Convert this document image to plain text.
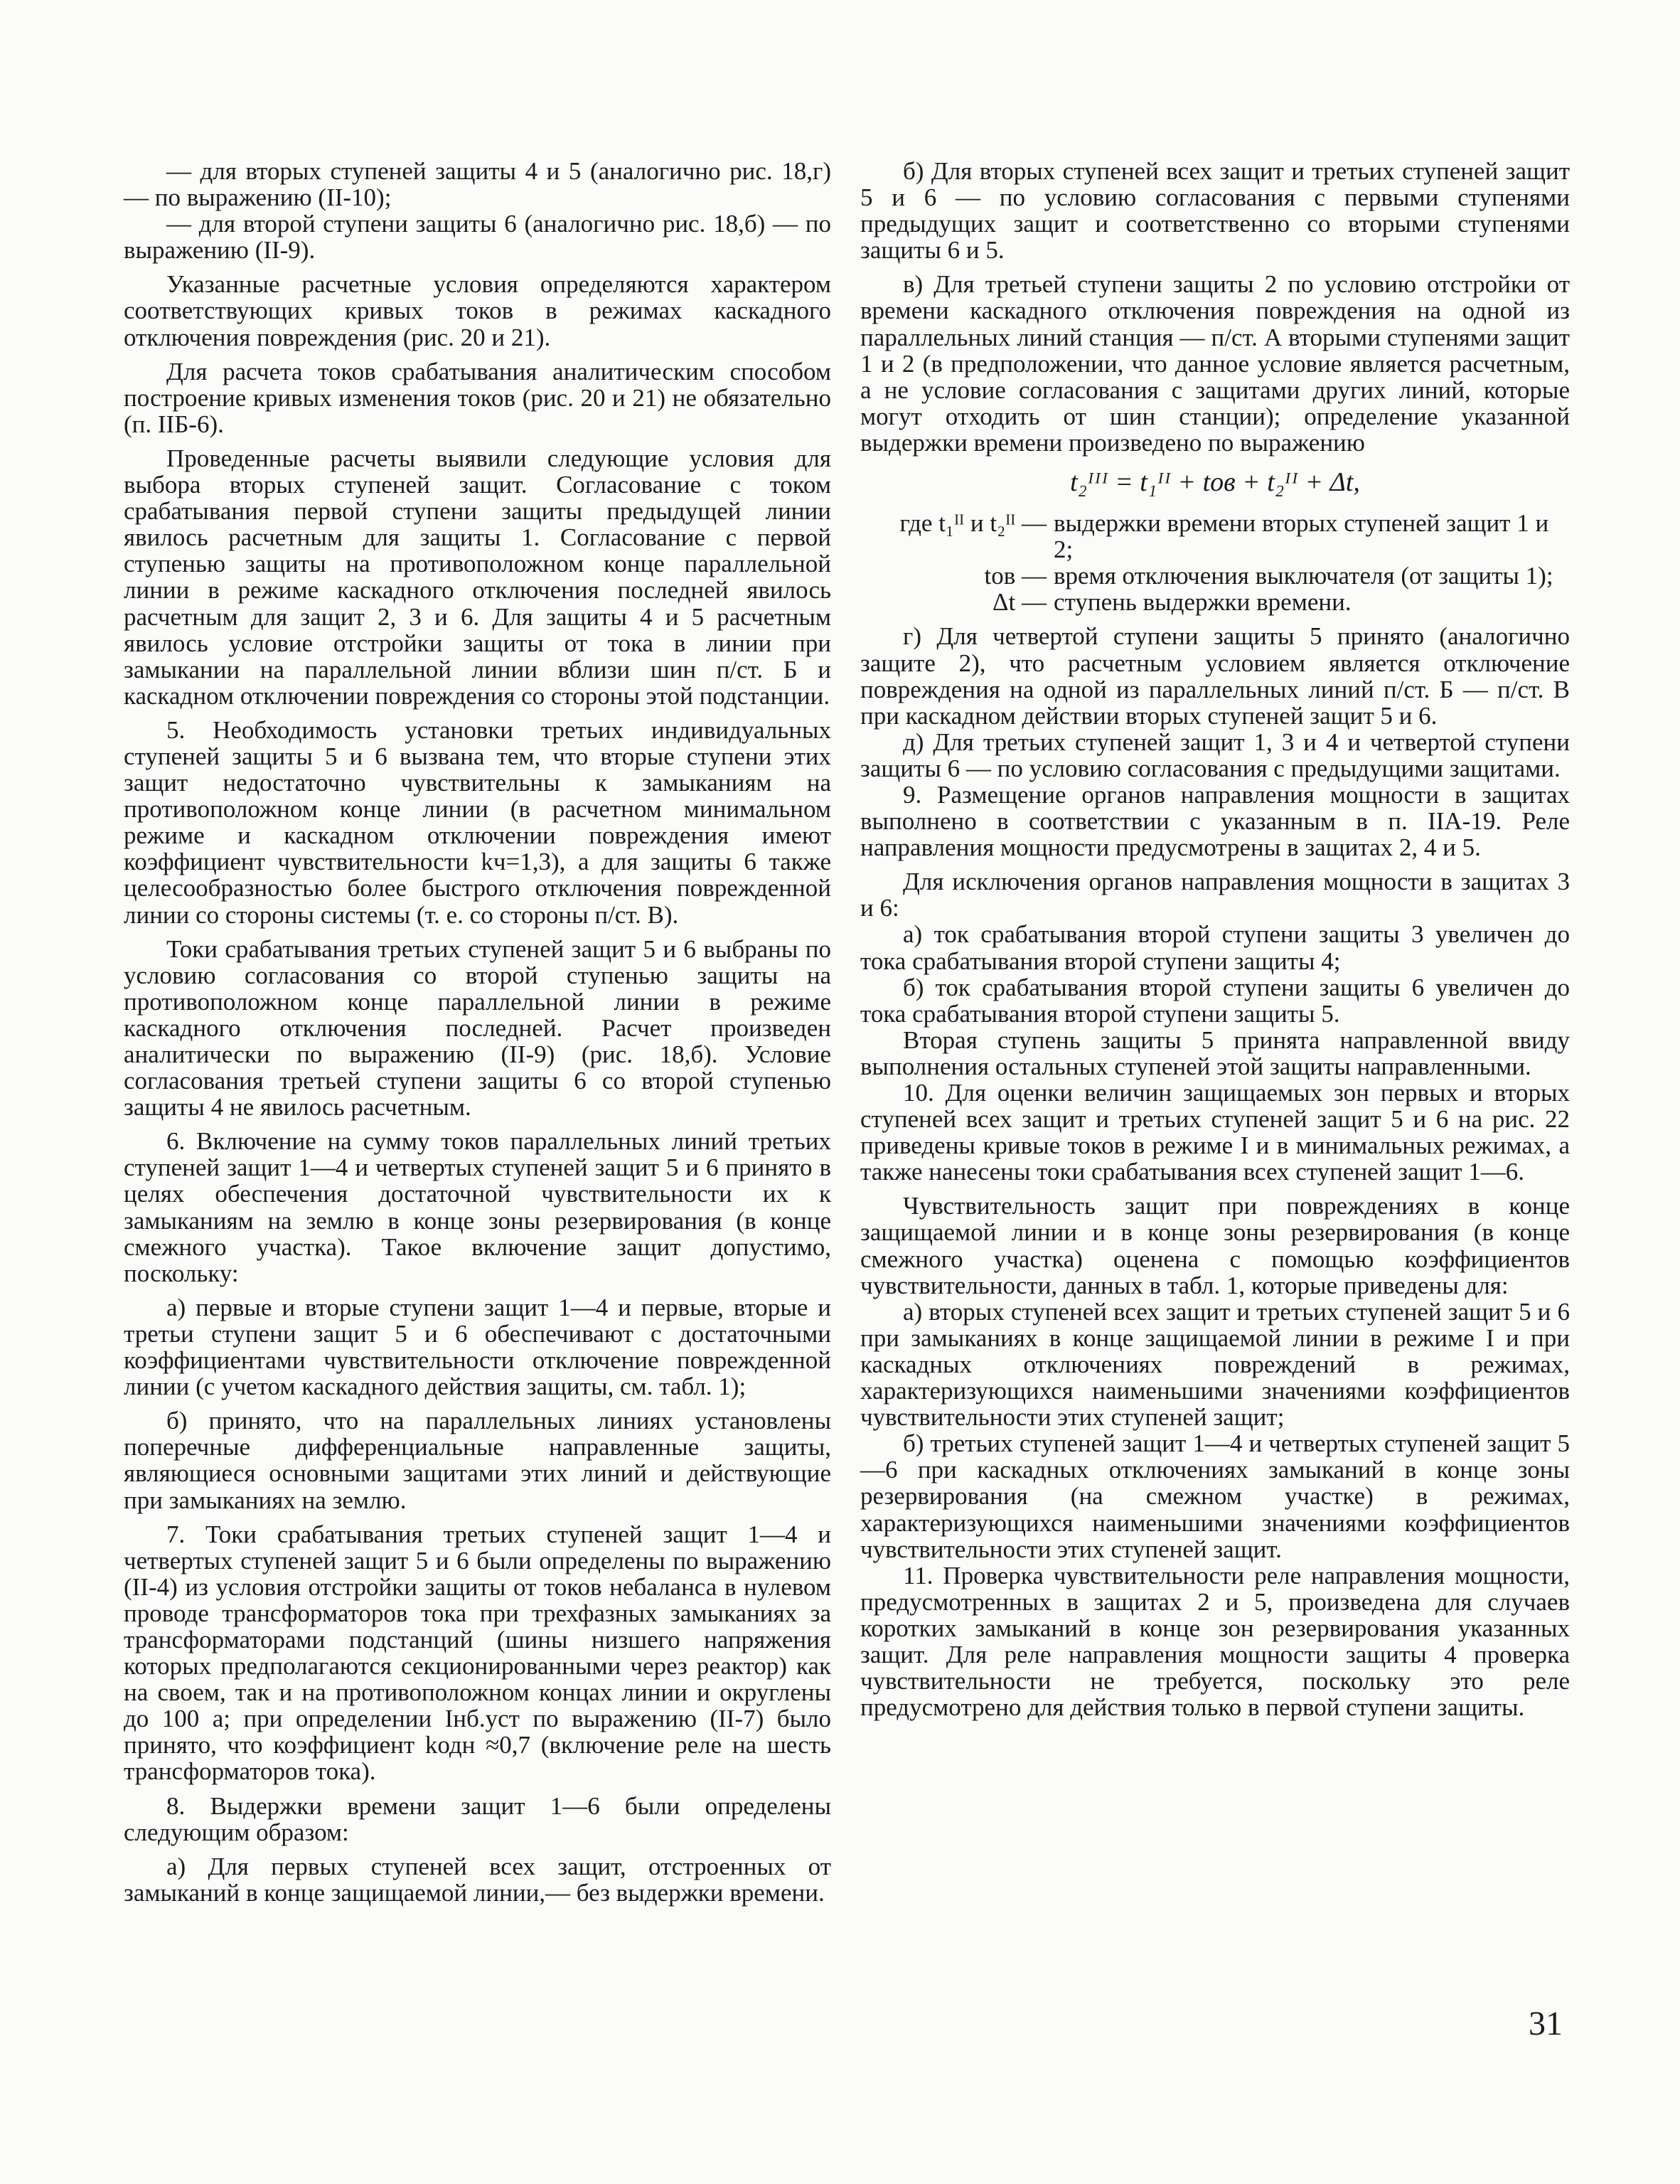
— для вторых ступеней защиты 4 и 5 (аналогично рис. 18,г) — по выражению (II-10);

— для второй ступени защиты 6 (аналогично рис. 18,б) — по выражению (II-9).

Указанные расчетные условия определяются характером соответствующих кривых токов в режимах каскадного отключения повреждения (рис. 20 и 21).

Для расчета токов срабатывания аналитическим способом построение кривых изменения токов (рис. 20 и 21) не обязательно (п. IIБ-6).

Проведенные расчеты выявили следующие условия для выбора вторых ступеней защит. Согласование с током срабатывания первой ступени защиты предыдущей линии явилось расчетным для защиты 1. Согласование с первой ступенью защиты на противоположном конце параллельной линии в режиме каскадного отключения последней явилось расчетным для защит 2, 3 и 6. Для защиты 4 и 5 расчетным явилось условие отстройки защиты от тока в линии при замыкании на параллельной линии вблизи шин п/ст. Б и каскадном отключении повреждения со стороны этой подстанции.

5. Необходимость установки третьих индивидуальных ступеней защиты 5 и 6 вызвана тем, что вторые ступени этих защит недостаточно чувствительны к замыканиям на противоположном конце линии (в расчетном минимальном режиме и каскадном отключении повреждения имеют коэффициент чувствительности kч=1,3), а для защиты 6 также целесообразностью более быстрого отключения поврежденной линии со стороны системы (т. е. со стороны п/ст. В).

Токи срабатывания третьих ступеней защит 5 и 6 выбраны по условию согласования со второй ступенью защиты на противоположном конце параллельной линии в режиме каскадного отключения последней. Расчет произведен аналитически по выражению (II-9) (рис. 18,б). Условие согласования третьей ступени защиты 6 со второй ступенью защиты 4 не явилось расчетным.

6. Включение на сумму токов параллельных линий третьих ступеней защит 1—4 и четвертых ступеней защит 5 и 6 принято в целях обеспечения достаточной чувствительности их к замыканиям на землю в конце зоны резервирования (в конце смежного участка). Такое включение защит допустимо, поскольку:

а) первые и вторые ступени защит 1—4 и первые, вторые и третьи ступени защит 5 и 6 обеспечивают с достаточными коэффициентами чувствительности отключение поврежденной линии (с учетом каскадного действия защиты, см. табл. 1);

б) принято, что на параллельных линиях установлены поперечные дифференциальные направленные защиты, являющиеся основными защитами этих линий и действующие при замыканиях на землю.

7. Токи срабатывания третьих ступеней защит 1—4 и четвертых ступеней защит 5 и 6 были определены по выражению (II-4) из условия отстройки защиты от токов небаланса в нулевом проводе трансформаторов тока при трехфазных замыканиях за трансформаторами подстанций (шины низшего напряжения которых предполагаются секционированными через реактор) как на своем, так и на противоположном концах линии и округлены до 100 а; при определении Iнб.уст по выражению (II-7) было принято, что коэффициент kодн ≈0,7 (включение реле на шесть трансформаторов тока).

8. Выдержки времени защит 1—6 были определены следующим образом:

а) Для первых ступеней всех защит, отстроенных от замыканий в конце защищаемой линии,— без выдержки времени.

б) Для вторых ступеней всех защит и третьих ступеней защит 5 и 6 — по условию согласования с первыми ступенями предыдущих защит и соответственно со вторыми ступенями защиты 6 и 5.

в) Для третьей ступени защиты 2 по условию отстройки от времени каскадного отключения повреждения на одной из параллельных линий станция — п/ст. А вторыми ступенями защит 1 и 2 (в предположении, что данное условие является расчетным, а не условие согласования с защитами других линий, которые могут отходить от шин станции); определение указанной выдержки времени произведено по выражению

t₂ᴵᴵᴵ = t₁ᴵᴵ + tов + t₂ᴵᴵ + Δt,
где t₁ᴵᴵ и t₂ᴵᴵ — выдержки времени вторых ступеней защит 1 и 2;
tов — время отключения выключателя (от защиты 1);
Δt — ступень выдержки времени.

г) Для четвертой ступени защиты 5 принято (аналогично защите 2), что расчетным условием является отключение повреждения на одной из параллельных линий п/ст. Б — п/ст. В при каскадном действии вторых ступеней защит 5 и 6.

д) Для третьих ступеней защит 1, 3 и 4 и четвертой ступени защиты 6 — по условию согласования с предыдущими защитами.

9. Размещение органов направления мощности в защитах выполнено в соответствии с указанным в п. IIА-19. Реле направления мощности предусмотрены в защитах 2, 4 и 5.

Для исключения органов направления мощности в защитах 3 и 6:

а) ток срабатывания второй ступени защиты 3 увеличен до тока срабатывания второй ступени защиты 4;

б) ток срабатывания второй ступени защиты 6 увеличен до тока срабатывания второй ступени защиты 5.

Вторая ступень защиты 5 принята направленной ввиду выполнения остальных ступеней этой защиты направленными.

10. Для оценки величин защищаемых зон первых и вторых ступеней всех защит и третьих ступеней защит 5 и 6 на рис. 22 приведены кривые токов в режиме I и в минимальных режимах, а также нанесены токи срабатывания всех ступеней защит 1—6.

Чувствительность защит при повреждениях в конце защищаемой линии и в конце зоны резервирования (в конце смежного участка) оценена с помощью коэффициентов чувствительности, данных в табл. 1, которые приведены для:

а) вторых ступеней всех защит и третьих ступеней защит 5 и 6 при замыканиях в конце защищаемой линии в режиме I и при каскадных отключениях повреждений в режимах, характеризующихся наименьшими значениями коэффициентов чувствительности этих ступеней защит;

б) третьих ступеней защит 1—4 и четвертых ступеней защит 5—6 при каскадных отключениях замыканий в конце зоны резервирования (на смежном участке) в режимах, характеризующихся наименьшими значениями коэффициентов чувствительности этих ступеней защит.

11. Проверка чувствительности реле направления мощности, предусмотренных в защитах 2 и 5, произведена для случаев коротких замыканий в конце зон резервирования указанных защит. Для реле направления мощности защиты 4 проверка чувствительности не требуется, поскольку это реле предусмотрено для действия только в первой ступени защиты.

31
